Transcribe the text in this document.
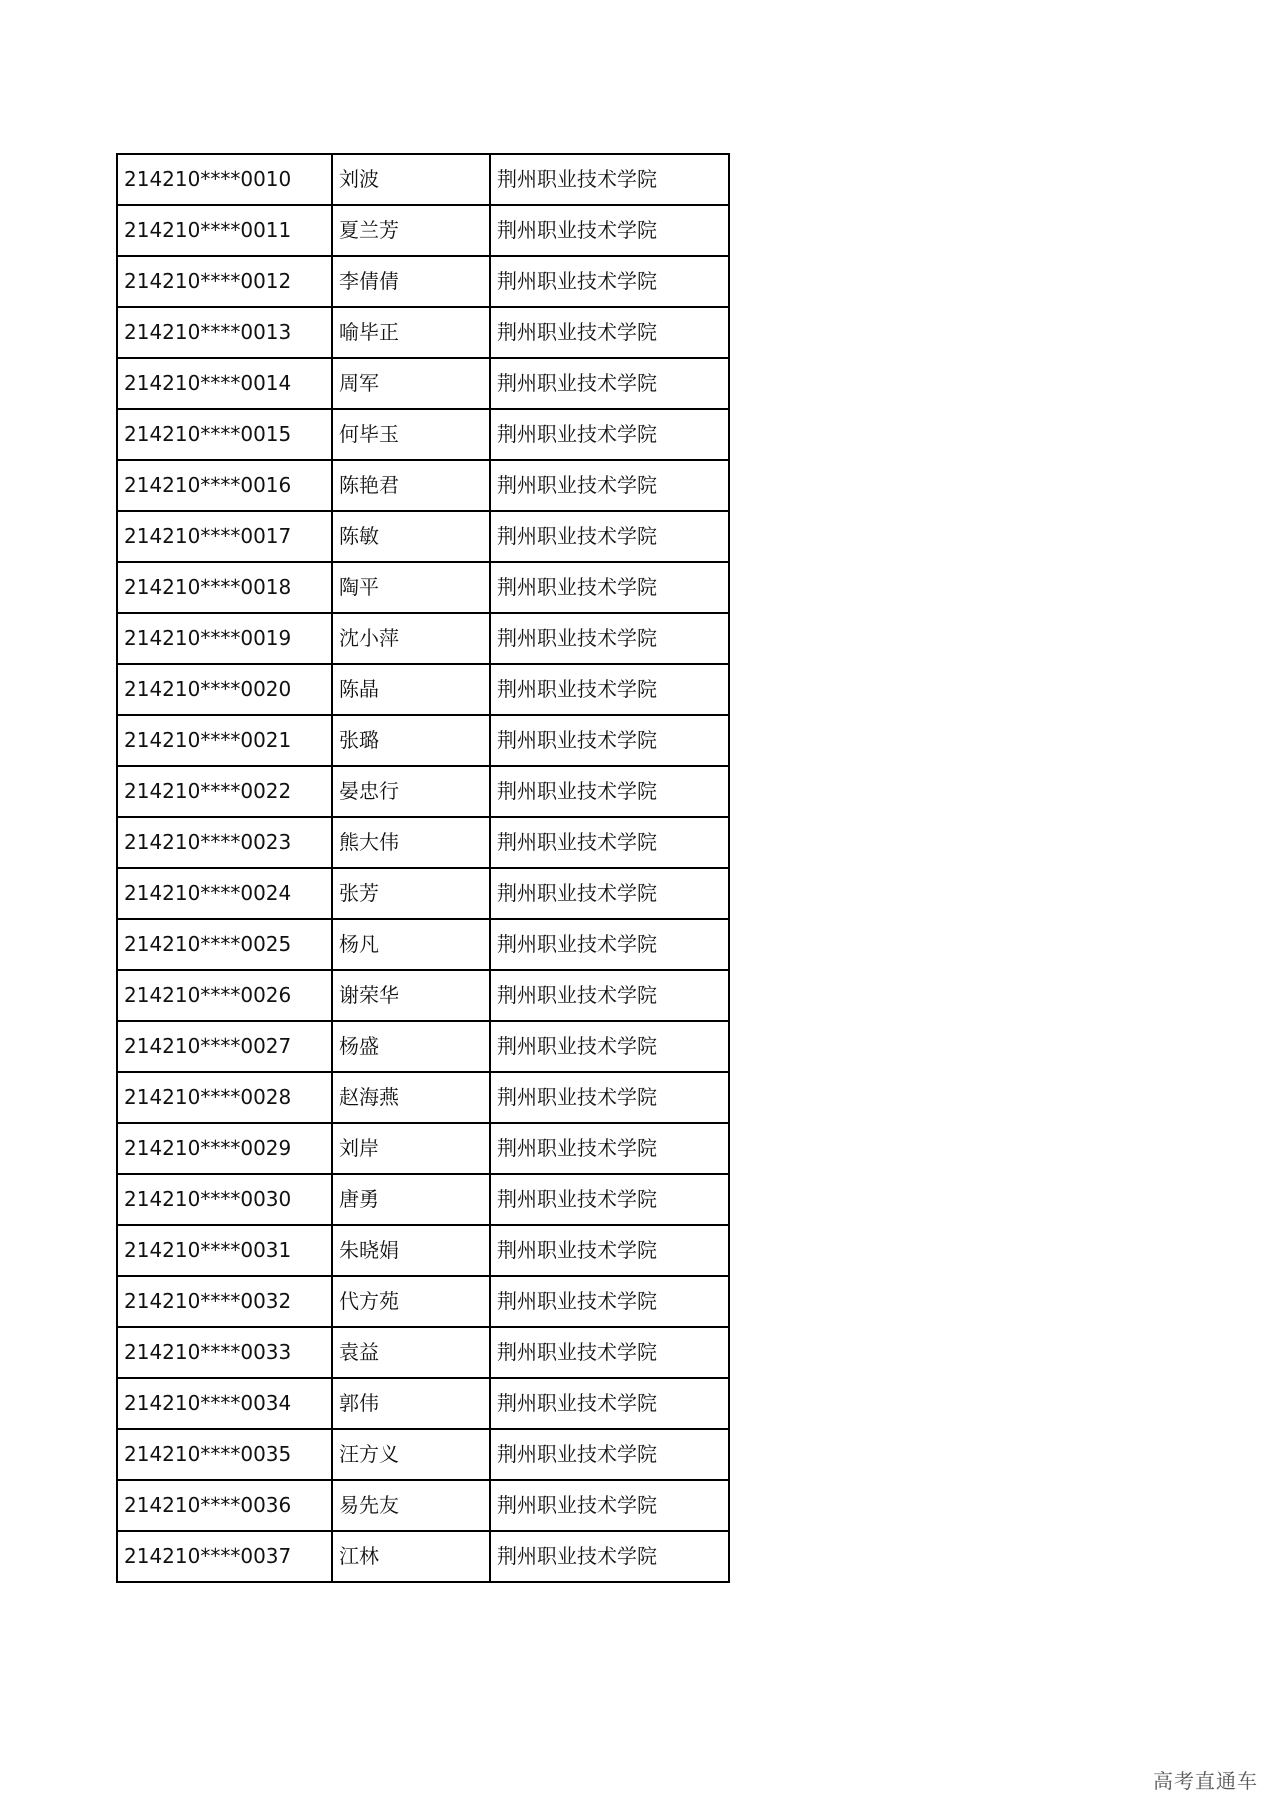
214210****0010	刘波	荆州职业技术学院
214210****0011	夏兰芳	荆州职业技术学院
214210****0012	李倩倩	荆州职业技术学院
214210****0013	喻毕正	荆州职业技术学院
214210****0014	周军	荆州职业技术学院
214210****0015	何毕玉	荆州职业技术学院
214210****0016	陈艳君	荆州职业技术学院
214210****0017	陈敏	荆州职业技术学院
214210****0018	陶平	荆州职业技术学院
214210****0019	沈小萍	荆州职业技术学院
214210****0020	陈晶	荆州职业技术学院
214210****0021	张璐	荆州职业技术学院
214210****0022	晏忠行	荆州职业技术学院
214210****0023	熊大伟	荆州职业技术学院
214210****0024	张芳	荆州职业技术学院
214210****0025	杨凡	荆州职业技术学院
214210****0026	谢荣华	荆州职业技术学院
214210****0027	杨盛	荆州职业技术学院
214210****0028	赵海燕	荆州职业技术学院
214210****0029	刘岸	荆州职业技术学院
214210****0030	唐勇	荆州职业技术学院
214210****0031	朱晓娟	荆州职业技术学院
214210****0032	代方苑	荆州职业技术学院
214210****0033	袁益	荆州职业技术学院
214210****0034	郭伟	荆州职业技术学院
214210****0035	汪方义	荆州职业技术学院
214210****0036	易先友	荆州职业技术学院
214210****0037	江林	荆州职业技术学院
高考直通车
